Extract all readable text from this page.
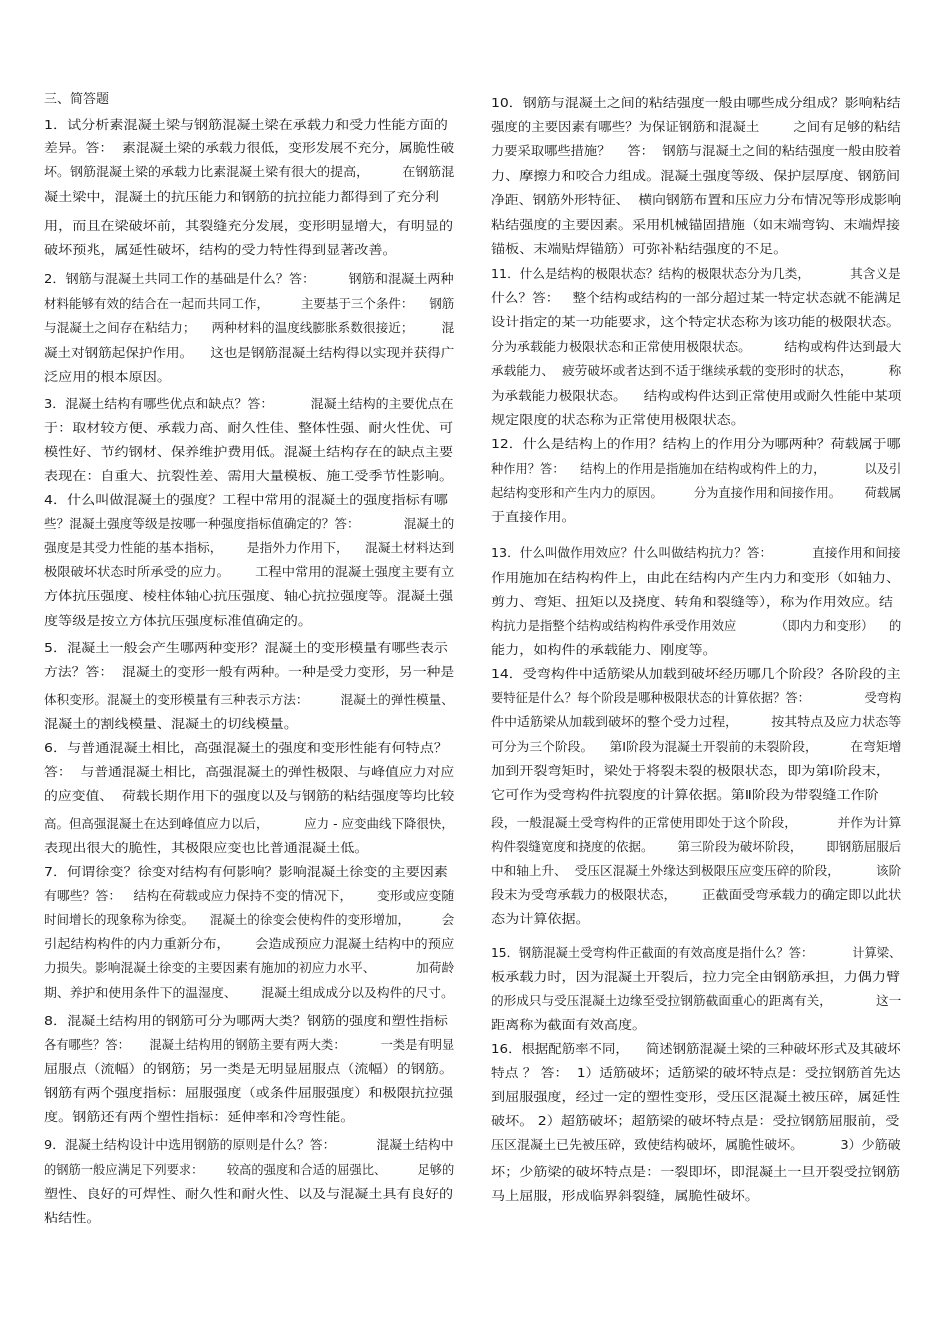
三、简答题
1．试分析素混凝土梁与钢筋混凝土梁在承载力和受力性能方面的
差异。答：  素混凝土梁的承载力很低，变形发展不充分，属脆性破
坏。钢筋混凝土梁的承载力比素混凝土梁有很大的提高，        在钢筋混
凝土梁中，混凝土的抗压能力和钢筋的抗拉能力都得到了充分利
用，而且在梁破坏前，其裂缝充分发展，变形明显增大，有明显的
破坏预兆，属延性破坏，结构的受力特性得到显著改善。
2．钢筋与混凝土共同工作的基础是什么？答：        钢筋和混凝土两种
材料能够有效的结合在一起而共同工作，        主要基于三个条件：    钢筋
与混凝土之间存在粘结力；    两种材料的温度线膨胀系数很接近；       混
凝土对钢筋起保护作用。    这也是钢筋混凝土结构得以实现并获得广
泛应用的根本原因。
3．混凝土结构有哪些优点和缺点？答：         混凝土结构的主要优点在
于：取材较方便、承载力高、耐久性佳、整体性强、耐火性优、可
模性好、节约钢材、保养维护费用低。混凝土结构存在的缺点主要
表现在：自重大、抗裂性差、需用大量模板、施工受季节性影响。
4．什么叫做混凝土的强度？工程中常用的混凝土的强度指标有哪
些？混凝土强度等级是按哪一种强度指标值确定的？答：           混凝土的
强度是其受力性能的基本指标，      是指外力作用下，    混凝土材料达到
极限破坏状态时所承受的应力。      工程中常用的混凝土强度主要有立
方体抗压强度、棱柱体轴心抗压强度、轴心抗拉强度等。混凝土强
度等级是按立方体抗压强度标准值确定的。
5．混凝土一般会产生哪两种变形？混凝土的变形模量有哪些表示
方法？答：  混凝土的变形一般有两种。一种是受力变形，另一种是
体积变形。混凝土的变形模量有三种表示方法：        混凝土的弹性模量、
混凝土的割线模量、混凝土的切线模量。
6．与普通混凝土相比，高强混凝土的强度和变形性能有何特点？
答：  与普通混凝土相比，高强混凝土的弹性极限、与峰值应力对应
的应变值、  荷载长期作用下的强度以及与钢筋的粘结强度等均比较
高。但高强混凝土在达到峰值应力以后，         应力 - 应变曲线下降很快，
表现出很大的脆性，其极限应变也比普通混凝土低。
7．何谓徐变？徐变对结构有何影响？影响混凝土徐变的主要因素
有哪些？答：   结构在荷载或应力保持不变的情况下，      变形或应变随
时间增长的现象称为徐变。    混凝土的徐变会使构件的变形增加，        会
引起结构构件的内力重新分布，      会造成预应力混凝土结构中的预应
力损失。影响混凝土徐变的主要因素有施加的初应力水平、          加荷龄
期、养护和使用条件下的温湿度、      混凝土组成成分以及构件的尺寸。
8．混凝土结构用的钢筋可分为哪两大类？钢筋的强度和塑性指标
各有哪些？答：     混凝土结构用的钢筋主要有两大类：         一类是有明显
屈服点（流幅）的钢筋；另一类是无明显屈服点（流幅）的钢筋。
钢筋有两个强度指标：屈服强度（或条件屈服强度）和极限抗拉强
度。钢筋还有两个塑性指标：延伸率和冷弯性能。
9．混凝土结构设计中选用钢筋的原则是什么？答：          混凝土结构中
的钢筋一般应满足下列要求：      较高的强度和合适的屈强比、        足够的
塑性、良好的可焊性、耐久性和耐火性、以及与混凝土具有良好的
粘结性。
10．钢筋与混凝土之间的粘结强度一般由哪些成分组成？影响粘结
强度的主要因素有哪些？为保证钢筋和混凝土        之间有足够的粘结
力要采取哪些措施？    答：  钢筋与混凝土之间的粘结强度一般由胶着
力、摩擦力和咬合力组成。混凝土强度等级、保护层厚度、钢筋间
净距、钢筋外形特征、  横向钢筋布置和压应力分布情况等形成影响
粘结强度的主要因素。采用机械锚固措施（如末端弯钩、末端焊接
锚板、末端贴焊锚筋）可弥补粘结强度的不足。
11．什么是结构的极限状态？结构的极限状态分为几类，          其含义是
什么？答：   整个结构或结构的一部分超过某一特定状态就不能满足
设计指定的某一功能要求，这个特定状态称为该功能的极限状态。
分为承载能力极限状态和正常使用极限状态。        结构或构件达到最大
承载能力、  疲劳破坏或者达到不适于继续承载的变形时的状态，         称
为承载能力极限状态。    结构或构件达到正常使用或耐久性能中某项
规定限度的状态称为正常使用极限状态。
12．什么是结构上的作用？结构上的作用分为哪两种？荷载属于哪
种作用？答：    结构上的作用是指施加在结构或构件上的力，          以及引
起结构变形和产生内力的原因。        分为直接作用和间接作用。      荷载属
于直接作用。
13．什么叫做作用效应？什么叫做结构抗力？答：          直接作用和间接
作用施加在结构构件上，由此在结构内产生内力和变形（如轴力、
剪力、弯矩、扭矩以及挠度、转角和裂缝等），称为作用效应。结
构抗力是指整个结构或结构构件承受作用效应          （即内力和变形）    的
能力，如构件的承载能力、刚度等。
14．受弯构件中适筋梁从加载到破坏经历哪几个阶段？各阶段的主
要特征是什么？每个阶段是哪种极限状态的计算依据？答：              受弯构
件中适筋梁从加载到破坏的整个受力过程，        按其特点及应力状态等
可分为三个阶段。    第Ⅰ阶段为混凝土开裂前的未裂阶段，        在弯矩增
加到开裂弯矩时，梁处于将裂未裂的极限状态，即为第Ⅰ阶段末，
它可作为受弯构件抗裂度的计算依据。第Ⅱ阶段为带裂缝工作阶
段，一般混凝土受弯构件的正常使用即处于这个阶段，          并作为计算
构件裂缝宽度和挠度的依据。      第三阶段为破坏阶段，      即钢筋屈服后
中和轴上升、  受压区混凝土外缘达到极限压应变压碎的阶段，         该阶
段末为受弯承载力的极限状态，      正截面受弯承载力的确定即以此状
态为计算依据。
15．钢筋混凝土受弯构件正截面的有效高度是指什么？答：          计算梁、
板承载力时，因为混凝土开裂后，拉力完全由钢筋承担，力偶力臂
的形成只与受压混凝土边缘至受拉钢筋截面重心的距离有关，           这一
距离称为截面有效高度。
16．根据配筋率不同，    简述钢筋混凝土梁的三种破坏形式及其破坏
特点 ？ 答：  1）适筋破坏；适筋梁的破坏特点是：受拉钢筋首先达
到屈服强度，经过一定的塑性变形，受压区混凝土被压碎，属延性
破坏。 2）超筋破坏；超筋梁的破坏特点是：受拉钢筋屈服前，受
压区混凝土已先被压碎，致使结构破坏，属脆性破坏。         3）少筋破
坏；少筋梁的破坏特点是：一裂即坏，即混凝土一旦开裂受拉钢筋
马上屈服，形成临界斜裂缝，属脆性破坏。
